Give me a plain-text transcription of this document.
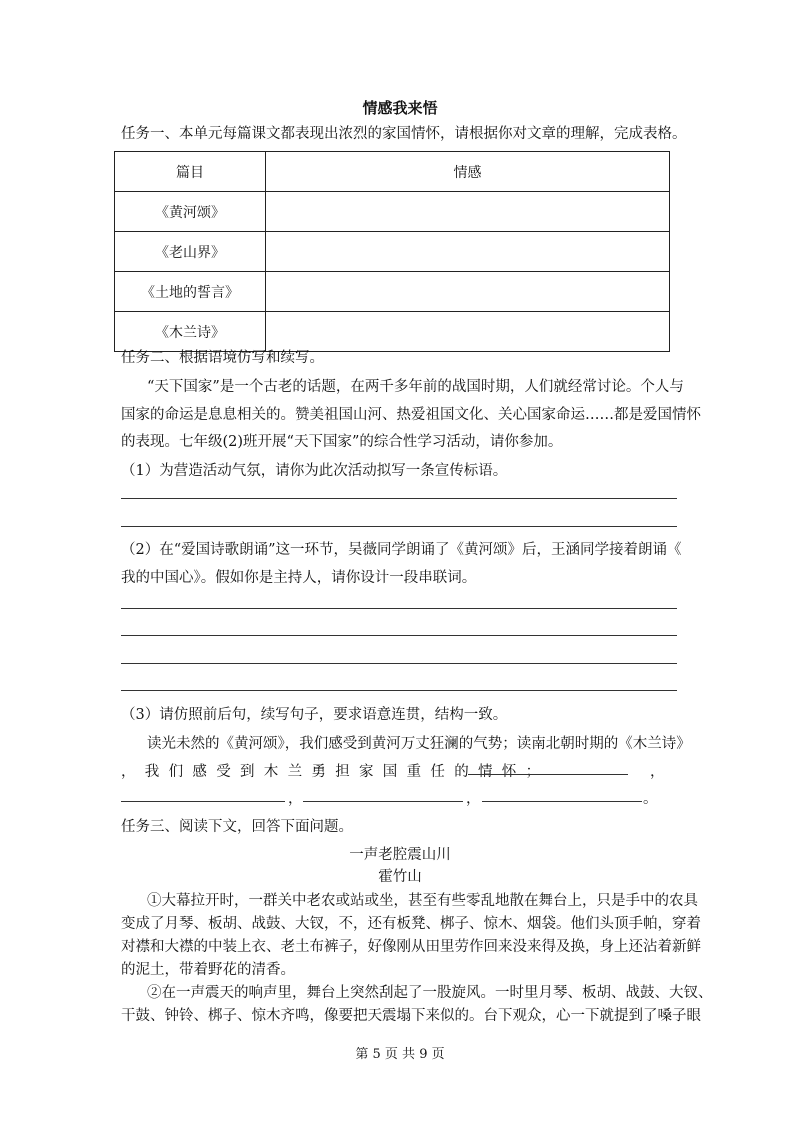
情感我来悟
任务一、本单元每篇课文都表现出浓烈的家国情怀，请根据你对文章的理解，完成表格。
篇目	情感
《黄河颂》	
《老山界》	
《土地的誓言》	
《木兰诗》	
任务二、根据语境仿写和续写。
“天下国家”是一个古老的话题，在两千多年前的战国时期，人们就经常讨论。个人与
国家的命运是息息相关的。赞美祖国山河、热爱祖国文化、关心国家命运……都是爱国情怀
的表现。七年级(2)班开展“天下国家”的综合性学习活动，请你参加。
（1）为营造活动气氛，请你为此次活动拟写一条宣传标语。
（2）在“爱国诗歌朗诵”这一环节，吴薇同学朗诵了《黄河颂》后，王涵同学接着朗诵《
我的中国心》。假如你是主持人，请你设计一段串联词。
（3）请仿照前后句，续写句子，要求语意连贯，结构一致。
读光未然的《黄河颂》，我们感受到黄河万丈狂澜的气势；读南北朝时期的《木兰诗》
，我们感受到木兰勇担家国重任的情怀；	，
，	，	。
任务三、阅读下文，回答下面问题。
一声老腔震山川
霍竹山
①大幕拉开时，一群关中老农或站或坐，甚至有些零乱地散在舞台上，只是手中的农具
变成了月琴、板胡、战鼓、大钗，不，还有板凳、梆子、惊木、烟袋。他们头顶手帕，穿着
对襟和大襟的中装上衣、老土布裤子，好像刚从田里劳作回来没来得及换，身上还沾着新鲜
的泥土，带着野花的清香。
②在一声震天的响声里，舞台上突然刮起了一股旋风。一时里月琴、板胡、战鼓、大钗、
干鼓、钟铃、梆子、惊木齐鸣，像要把天震塌下来似的。台下观众，心一下就提到了嗓子眼
第 5 页 共 9 页
